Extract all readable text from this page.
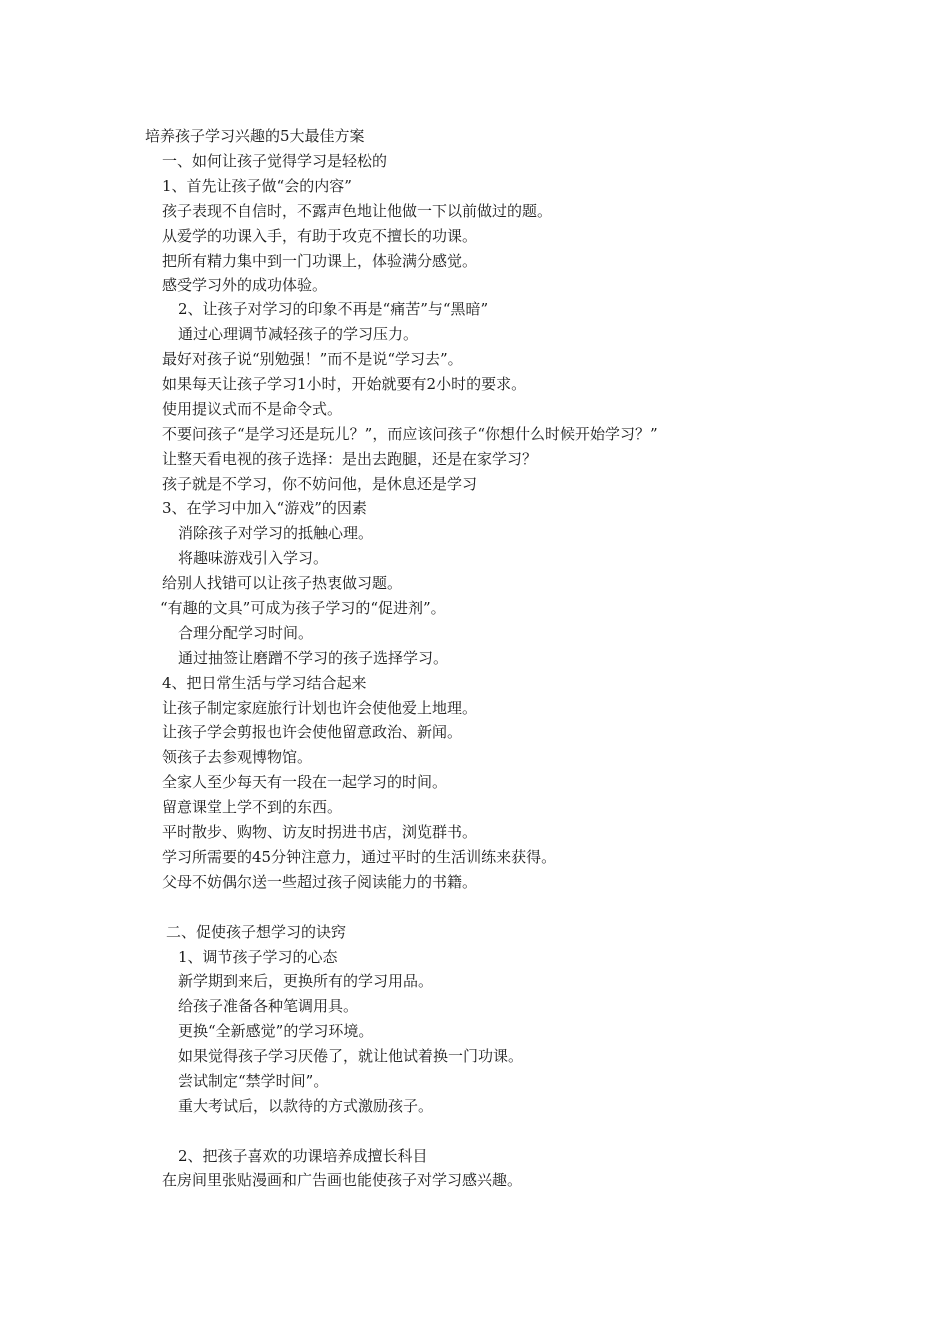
培养孩子学习兴趣的5大最佳方案
一、如何让孩子觉得学习是轻松的
1、首先让孩子做“会的内容”
孩子表现不自信时，不露声色地让他做一下以前做过的题。
从爱学的功课入手，有助于攻克不擅长的功课。
把所有精力集中到一门功课上，体验满分感觉。
感受学习外的成功体验。
2、让孩子对学习的印象不再是“痛苦”与“黑暗”
通过心理调节减轻孩子的学习压力。
最好对孩子说“别勉强！”而不是说“学习去”。
如果每天让孩子学习1小时，开始就要有2小时的要求。
使用提议式而不是命令式。
不要问孩子“是学习还是玩儿？”，而应该问孩子“你想什么时候开始学习？”
让整天看电视的孩子选择：是出去跑腿，还是在家学习？
孩子就是不学习，你不妨问他，是休息还是学习
3、在学习中加入“游戏”的因素
消除孩子对学习的抵触心理。
将趣味游戏引入学习。
给别人找错可以让孩子热衷做习题。
“有趣的文具”可成为孩子学习的“促进剂”。
合理分配学习时间。
通过抽签让磨蹭不学习的孩子选择学习。
4、把日常生活与学习结合起来
让孩子制定家庭旅行计划也许会使他爱上地理。
让孩子学会剪报也许会使他留意政治、新闻。
领孩子去参观博物馆。
全家人至少每天有一段在一起学习的时间。
留意课堂上学不到的东西。
平时散步、购物、访友时拐进书店，浏览群书。
学习所需要的45分钟注意力，通过平时的生活训练来获得。
父母不妨偶尔送一些超过孩子阅读能力的书籍。
二、促使孩子想学习的诀窍
1、调节孩子学习的心态
新学期到来后，更换所有的学习用品。
给孩子准备各种笔调用具。
更换“全新感觉”的学习环境。
如果觉得孩子学习厌倦了，就让他试着换一门功课。
尝试制定“禁学时间”。
重大考试后，以款待的方式激励孩子。
2、把孩子喜欢的功课培养成擅长科目
在房间里张贴漫画和广告画也能使孩子对学习感兴趣。
